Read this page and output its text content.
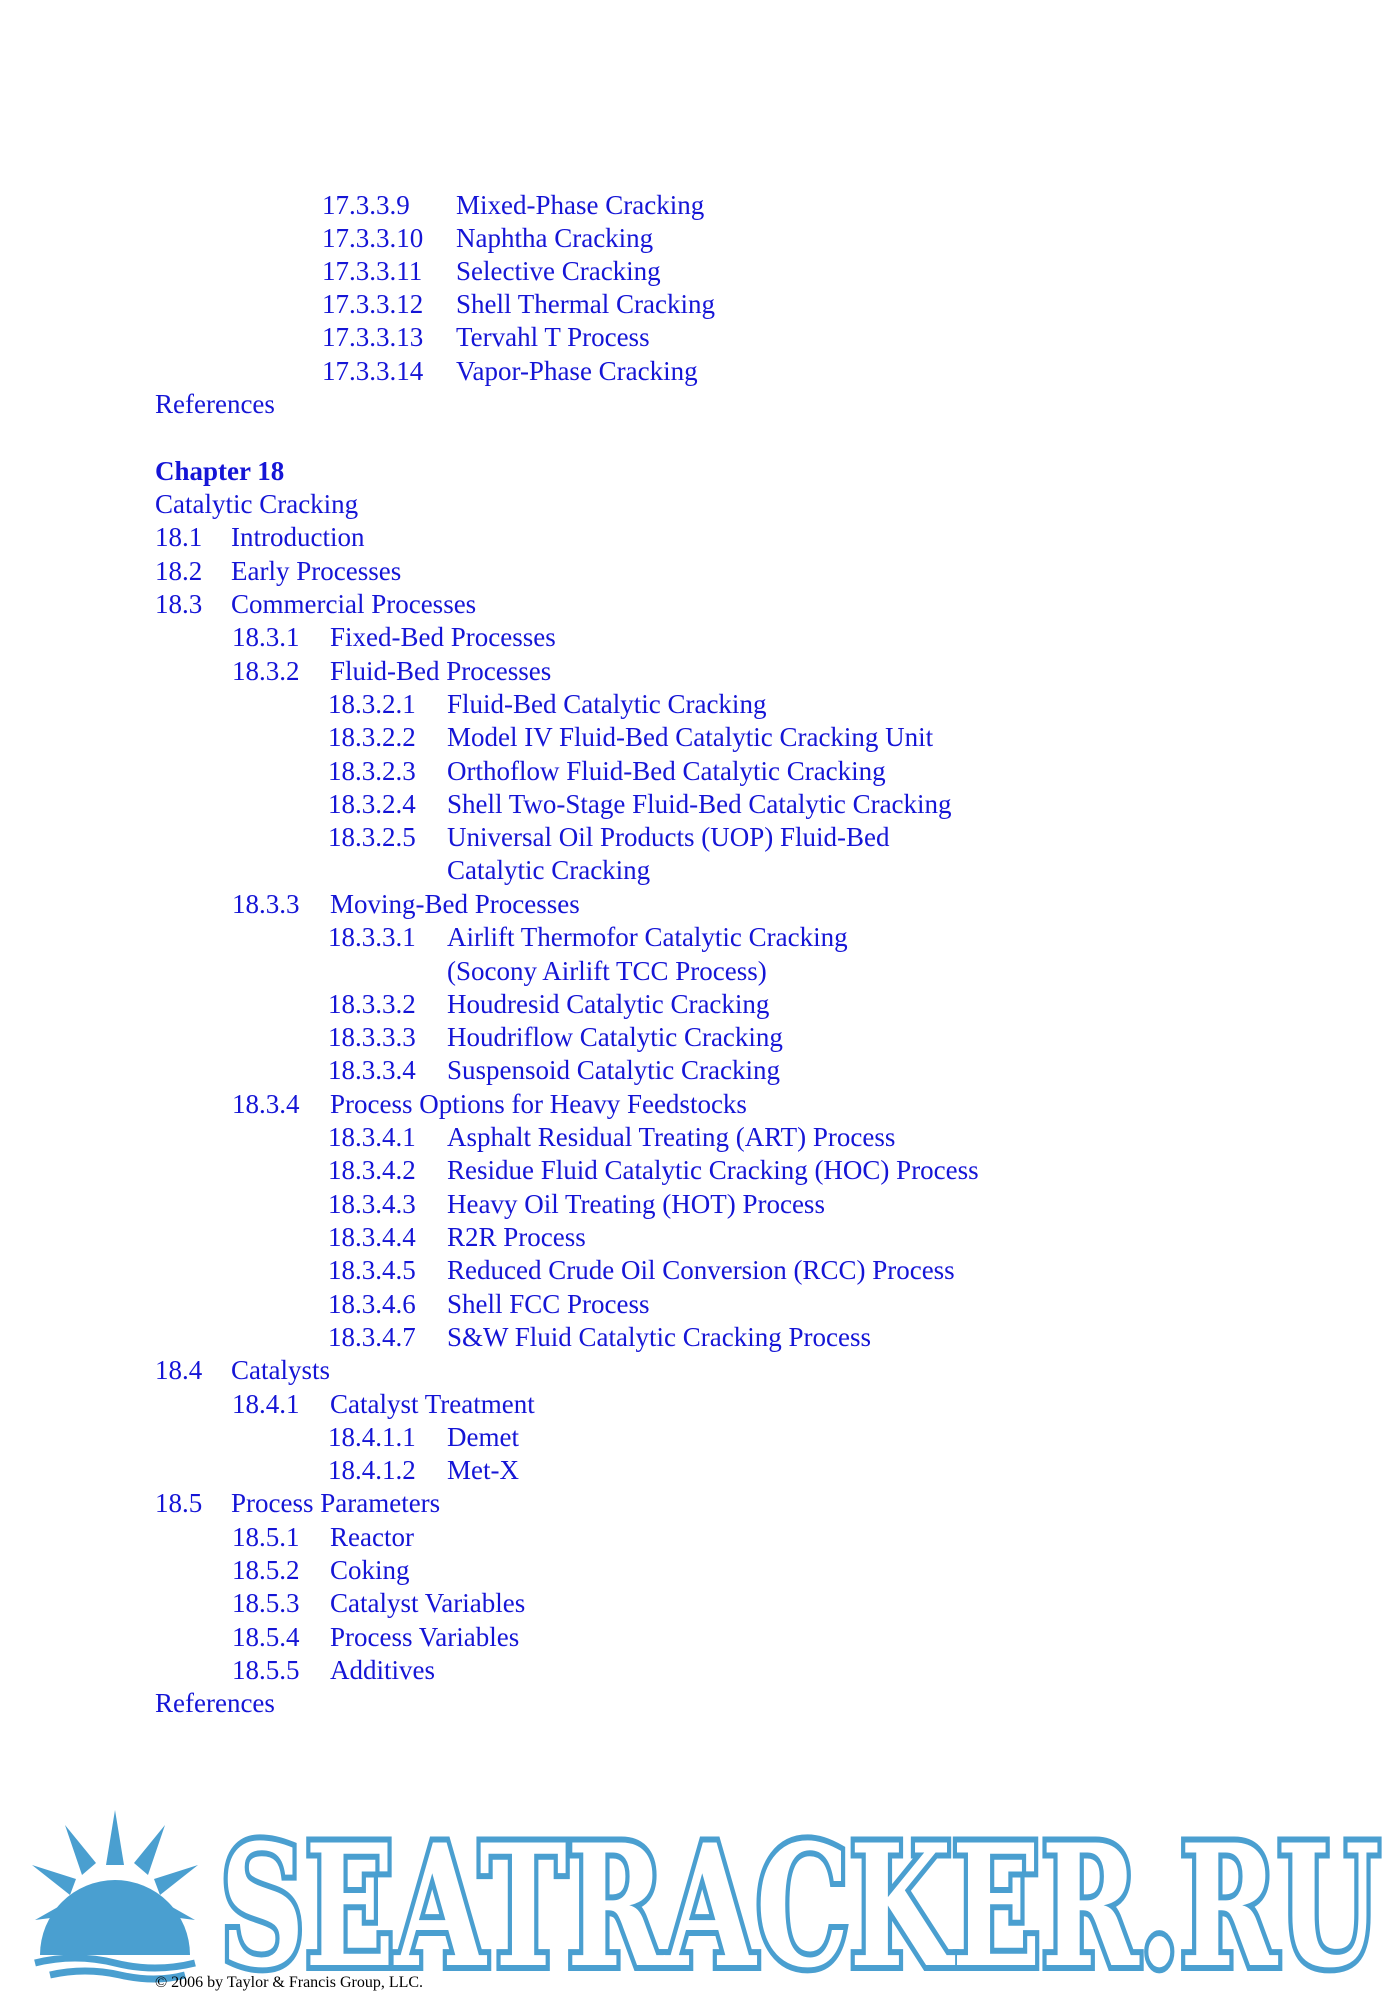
17.3.3.9 Mixed-Phase Cracking
17.3.3.10 Naphtha Cracking
17.3.3.11 Selective Cracking
17.3.3.12 Shell Thermal Cracking
17.3.3.13 Tervahl T Process
17.3.3.14 Vapor-Phase Cracking
References
Chapter 18
Catalytic Cracking
18.1 Introduction
18.2 Early Processes
18.3 Commercial Processes
18.3.1 Fixed-Bed Processes
18.3.2 Fluid-Bed Processes
18.3.2.1 Fluid-Bed Catalytic Cracking
18.3.2.2 Model IV Fluid-Bed Catalytic Cracking Unit
18.3.2.3 Orthoflow Fluid-Bed Catalytic Cracking
18.3.2.4 Shell Two-Stage Fluid-Bed Catalytic Cracking
18.3.2.5 Universal Oil Products (UOP) Fluid-Bed
Catalytic Cracking
18.3.3 Moving-Bed Processes
18.3.3.1 Airlift Thermofor Catalytic Cracking
(Socony Airlift TCC Process)
18.3.3.2 Houdresid Catalytic Cracking
18.3.3.3 Houdriflow Catalytic Cracking
18.3.3.4 Suspensoid Catalytic Cracking
18.3.4 Process Options for Heavy Feedstocks
18.3.4.1 Asphalt Residual Treating (ART) Process
18.3.4.2 Residue Fluid Catalytic Cracking (HOC) Process
18.3.4.3 Heavy Oil Treating (HOT) Process
18.3.4.4 R2R Process
18.3.4.5 Reduced Crude Oil Conversion (RCC) Process
18.3.4.6 Shell FCC Process
18.3.4.7 S&W Fluid Catalytic Cracking Process
18.4 Catalysts
18.4.1 Catalyst Treatment
18.4.1.1 Demet
18.4.1.2 Met-X
18.5 Process Parameters
18.5.1 Reactor
18.5.2 Coking
18.5.3 Catalyst Variables
18.5.4 Process Variables
18.5.5 Additives
References
SEATRACKER.RU
SEATRACKER.RU
© 2006 by Taylor & Francis Group, LLC.
